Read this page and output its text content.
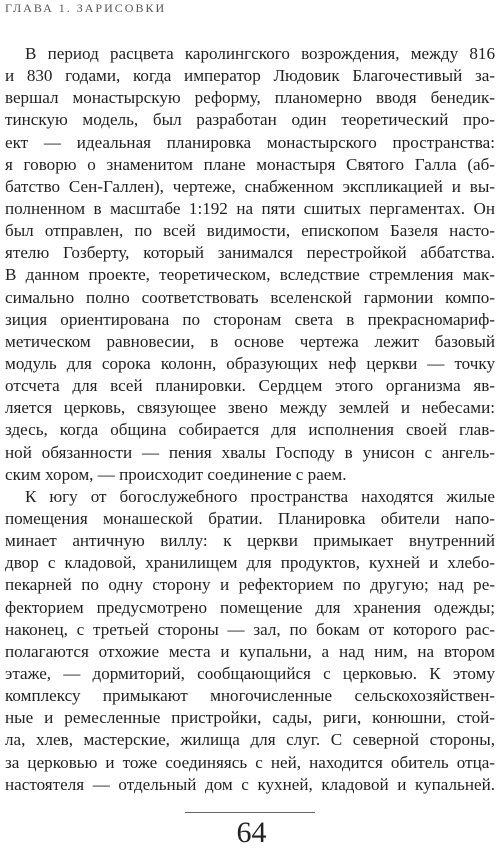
ГЛАВА 1. ЗАРИСОВКИ
В период расцвета каролингского возрождения, между 816
и 830 годами, когда император Людовик Благочестивый за-
вершал монастырскую реформу, планомерно вводя бенедик-
тинскую модель, был разработан один теоретический про-
ект — идеальная планировка монастырского пространства:
я говорю о знаменитом плане монастыря Святого Галла (аб-
батство Сен-Галлен), чертеже, снабженном экспликацией и вы-
полненном в масштабе 1:192 на пяти сшитых пергаментах. Он
был отправлен, по всей видимости, епископом Базеля насто-
ятелю Гозберту, который занимался перестройкой аббатства.
В данном проекте, теоретическом, вследствие стремления мак-
симально полно соответствовать вселенской гармонии компо-
зиция ориентирована по сторонам света в прекрасномариф-
метическом равновесии, в основе чертежа лежит базовый
модуль для сорока колонн, образующих неф церкви — точку
отсчета для всей планировки. Сердцем этого организма яв-
ляется церковь, связующее звено между землей и небесами:
здесь, когда община собирается для исполнения своей глав-
ной обязанности — пения хвалы Господу в унисон с ангель-
ским хором, — происходит соединение с раем.
К югу от богослужебного пространства находятся жилые
помещения монашеской братии. Планировка обители напо-
минает античную виллу: к церкви примыкает внутренний
двор с кладовой, хранилищем для продуктов, кухней и хлебо-
пекарней по одну сторону и рефекторием по другую; над ре-
фекторием предусмотрено помещение для хранения одежды;
наконец, с третьей стороны — зал, по бокам от которого рас-
полагаются отхожие места и купальни, а над ним, на втором
этаже, — дормиторий, сообщающийся с церковью. К этому
комплексу примыкают многочисленные сельскохозяйствен-
ные и ремесленные пристройки, сады, риги, конюшни, стой-
ла, хлев, мастерские, жилища для слуг. С северной стороны,
за церковью и тоже соединяясь с ней, находится обитель отца-
настоятеля — отдельный дом с кухней, кладовой и купальней.
64
